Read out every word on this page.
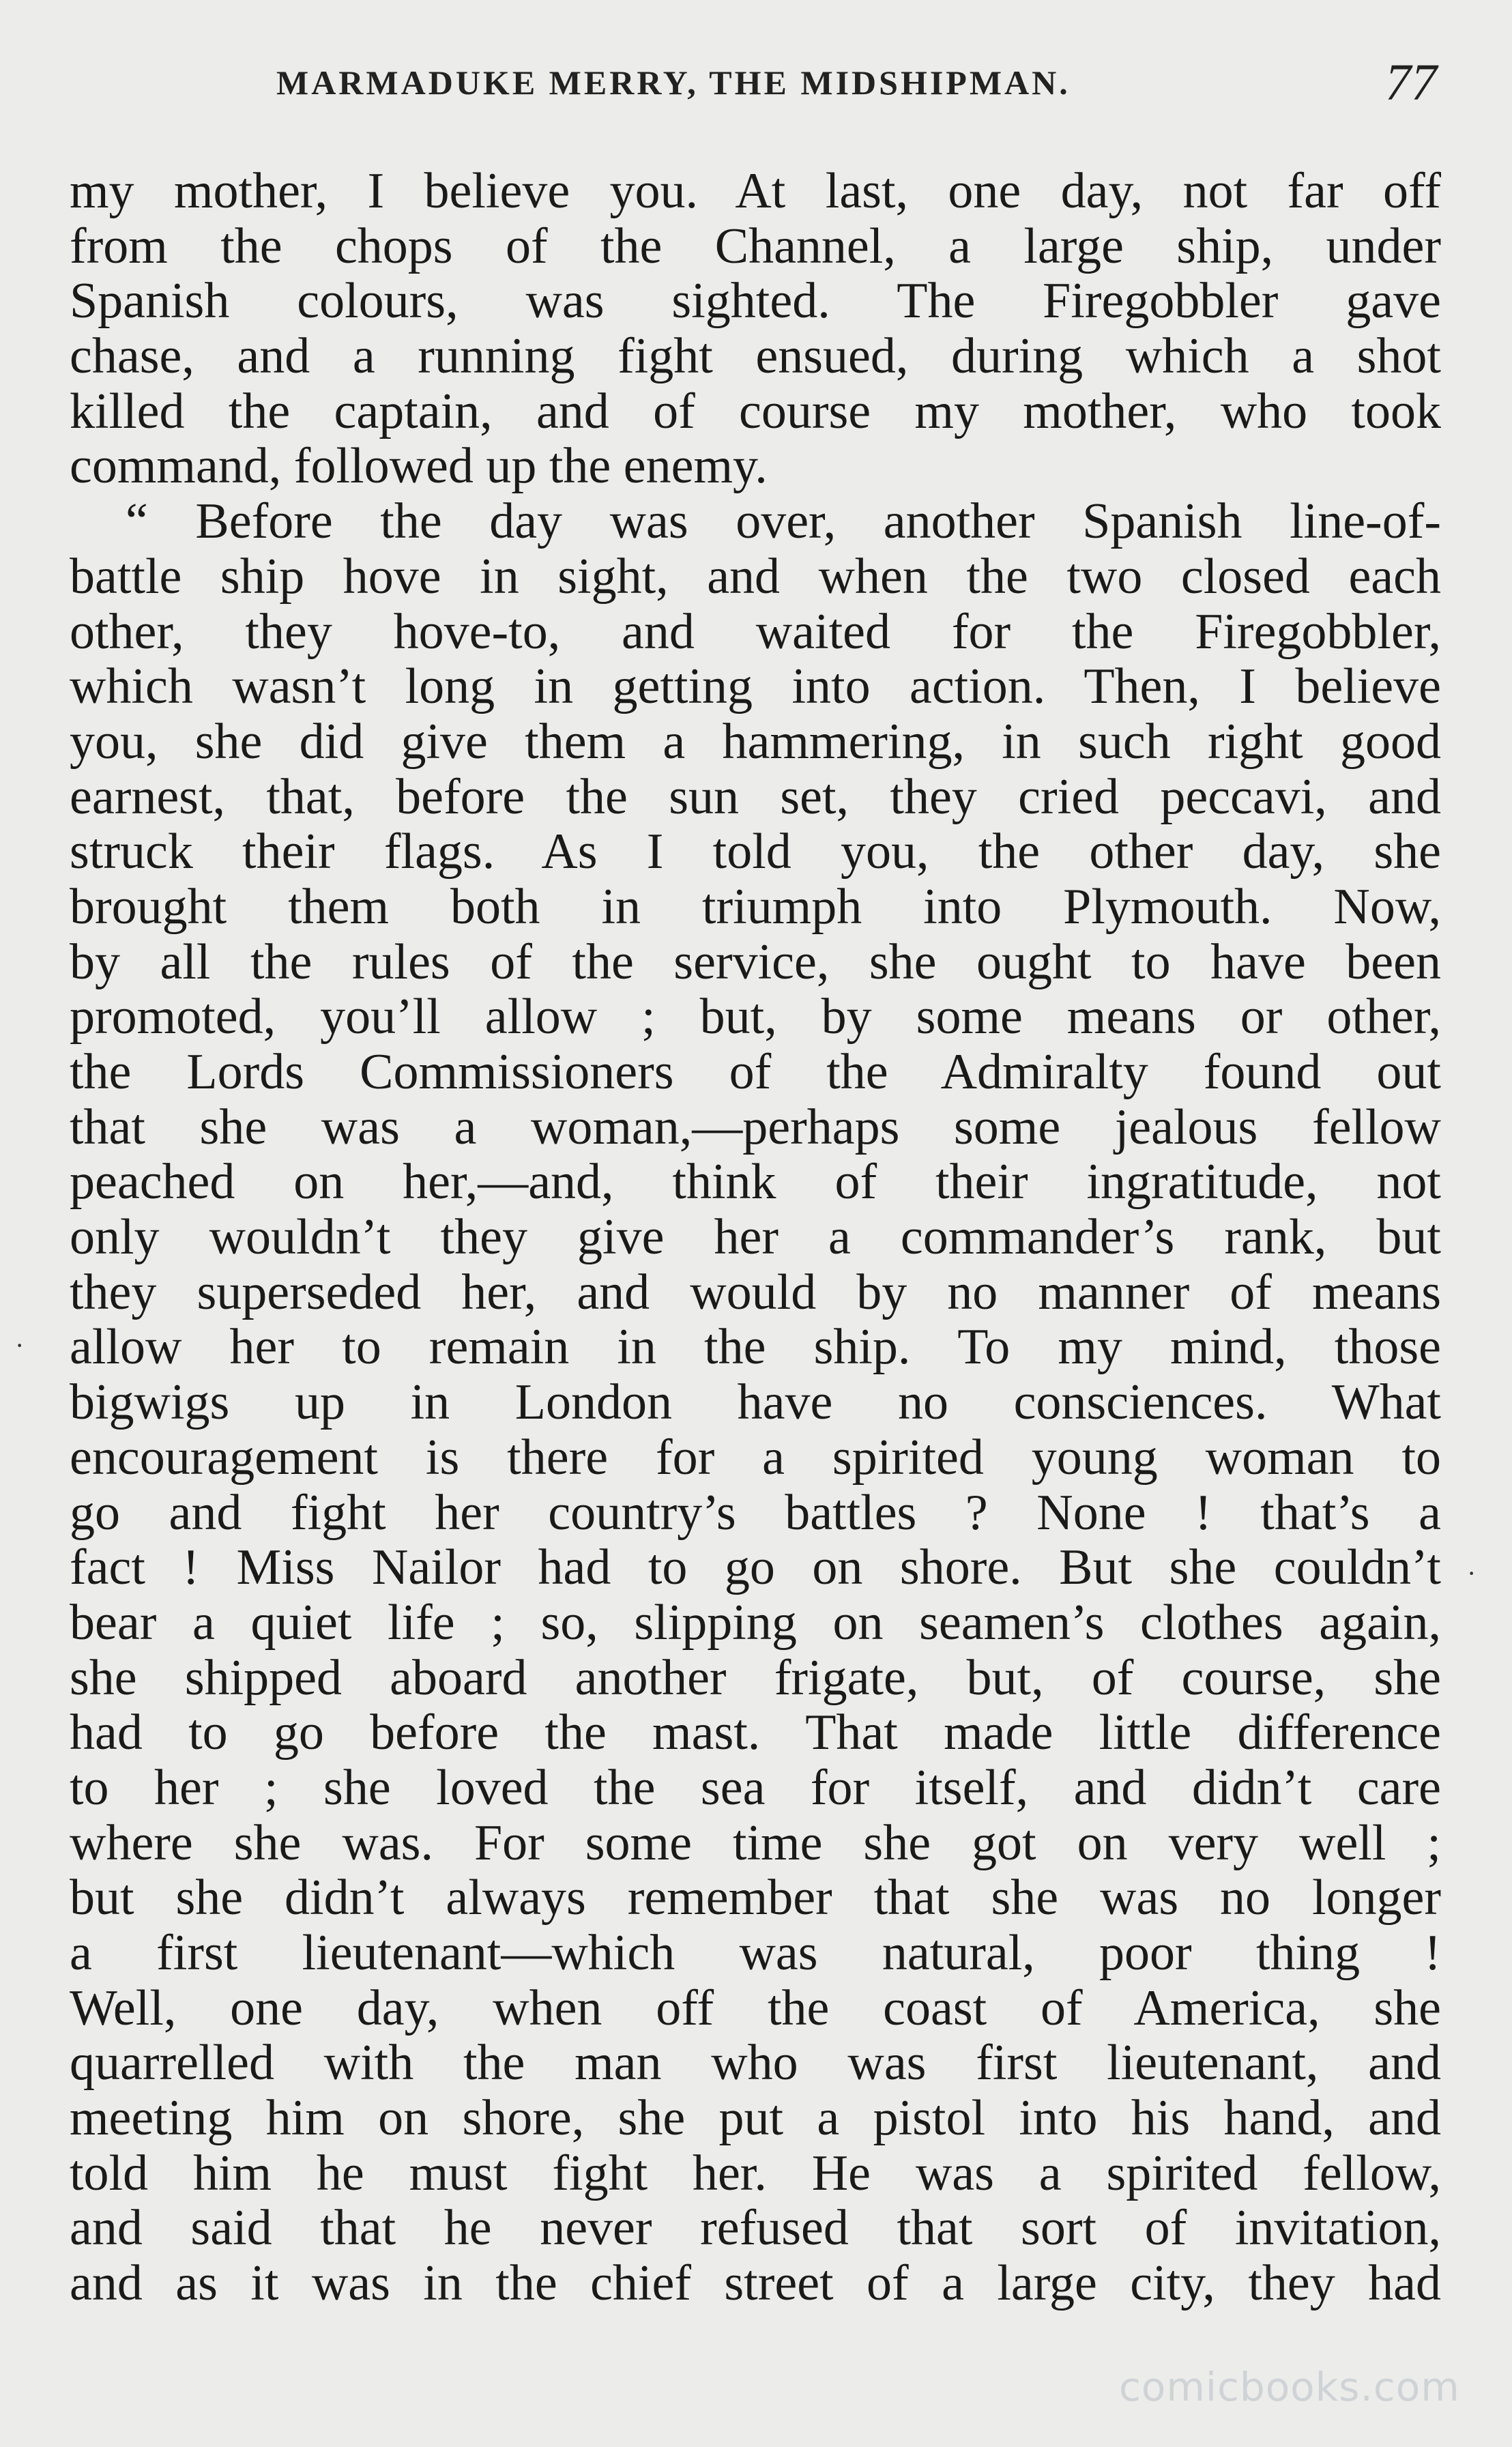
MARMADUKE MERRY, THE MIDSHIPMAN.	77
my mother, I believe you. At last, one day, not far off
from the chops of the Channel, a large ship, under
Spanish colours, was sighted. The Firegobbler gave
chase, and a running fight ensued, during which a shot
killed the captain, and of course my mother, who took
command, followed up the enemy.
“ Before the day was over, another Spanish line-of-
battle ship hove in sight, and when the two closed each
other, they hove-to, and waited for the Firegobbler,
which wasn’t long in getting into action. Then, I believe
you, she did give them a hammering, in such right good
earnest, that, before the sun set, they cried peccavi, and
struck their flags. As I told you, the other day, she
brought them both in triumph into Plymouth. Now,
by all the rules of the service, she ought to have been
promoted, you’ll allow ; but, by some means or other,
the Lords Commissioners of the Admiralty found out
that she was a woman,—perhaps some jealous fellow
peached on her,—and, think of their ingratitude, not
only wouldn’t they give her a commander’s rank, but
they superseded her, and would by no manner of means
allow her to remain in the ship. To my mind, those
bigwigs up in London have no consciences. What
encouragement is there for a spirited young woman to
go and fight her country’s battles ? None ! that’s a
fact ! Miss Nailor had to go on shore. But she couldn’t
bear a quiet life ; so, slipping on seamen’s clothes again,
she shipped aboard another frigate, but, of course, she
had to go before the mast. That made little difference
to her ; she loved the sea for itself, and didn’t care
where she was. For some time she got on very well ;
but she didn’t always remember that she was no longer
a first lieutenant—which was natural, poor thing !
Well, one day, when off the coast of America, she
quarrelled with the man who was first lieutenant, and
meeting him on shore, she put a pistol into his hand, and
told him he must fight her. He was a spirited fellow,
and said that he never refused that sort of invitation,
and as it was in the chief street of a large city, they had
·
·
comicbooks.com
